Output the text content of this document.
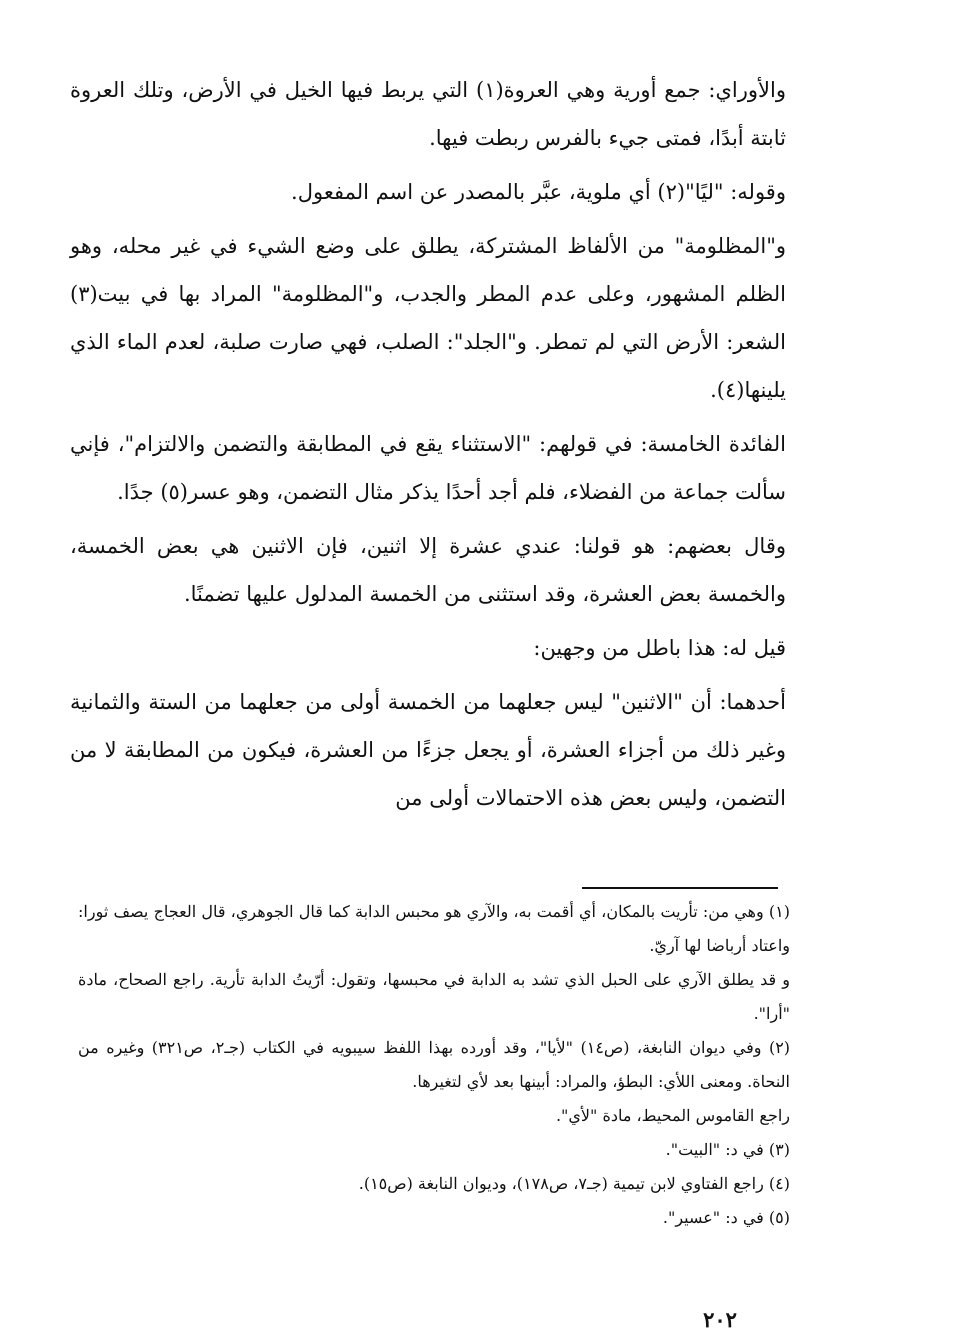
والأوراي: جمع أورية وهي العروة(١) التي يربط فيها الخيل في الأرض، وتلك العروة ثابتة أبدًا، فمتى جيء بالفرس ربطت فيها.

وقوله: "ليًا"(٢) أي ملوية، عبَّر بالمصدر عن اسم المفعول.

و"المظلومة" من الألفاظ المشتركة، يطلق على وضع الشيء في غير محله، وهو الظلم المشهور، وعلى عدم المطر والجدب، و"المظلومة" المراد بها في بيت(٣) الشعر: الأرض التي لم تمطر. و"الجلد": الصلب، فهي صارت صلبة، لعدم الماء الذي يلينها(٤).

الفائدة الخامسة: في قولهم: "الاستثناء يقع في المطابقة والتضمن والالتزام"، فإني سألت جماعة من الفضلاء، فلم أجد أحدًا يذكر مثال التضمن، وهو عسر(٥) جدًا.

وقال بعضهم: هو قولنا: عندي عشرة إلا اثنين، فإن الاثنين هي بعض الخمسة، والخمسة بعض العشرة، وقد استثنى من الخمسة المدلول عليها تضمنًا.

قيل له: هذا باطل من وجهين:

أحدهما: أن "الاثنين" ليس جعلهما من الخمسة أولى من جعلهما من الستة والثمانية وغير ذلك من أجزاء العشرة، أو يجعل جزءًا من العشرة، فيكون من المطابقة لا من التضمن، وليس بعض هذه الاحتمالات أولى من

(١) وهي من: تأريت بالمكان، أي أقمت به، والآري هو محبس الدابة كما قال الجوهري، قال العجاج يصف ثورا: واعتاد أرباضا لها آريّ.

و قد يطلق الآري على الحبل الذي تشد به الدابة في محبسها، وتقول: أرّيتُ الدابة تأرية. راجع الصحاح، مادة "أرا".

(٢) وفي ديوان النابغة، (ص١٤) "لأيا"، وقد أورده بهذا اللفظ سيبويه في الكتاب (جـ٢، ص٣٢١) وغيره من النحاة. ومعنى اللأي: البطؤ، والمراد: أبينها بعد لأي لتغيرها.

راجع القاموس المحيط، مادة "لأي".

(٣) في د: "البيت".

(٤) راجع الفتاوي لابن تيمية (جـ٧، ص١٧٨)، وديوان النابغة (ص١٥).

(٥) في د: "عسير".

٢٠٢
